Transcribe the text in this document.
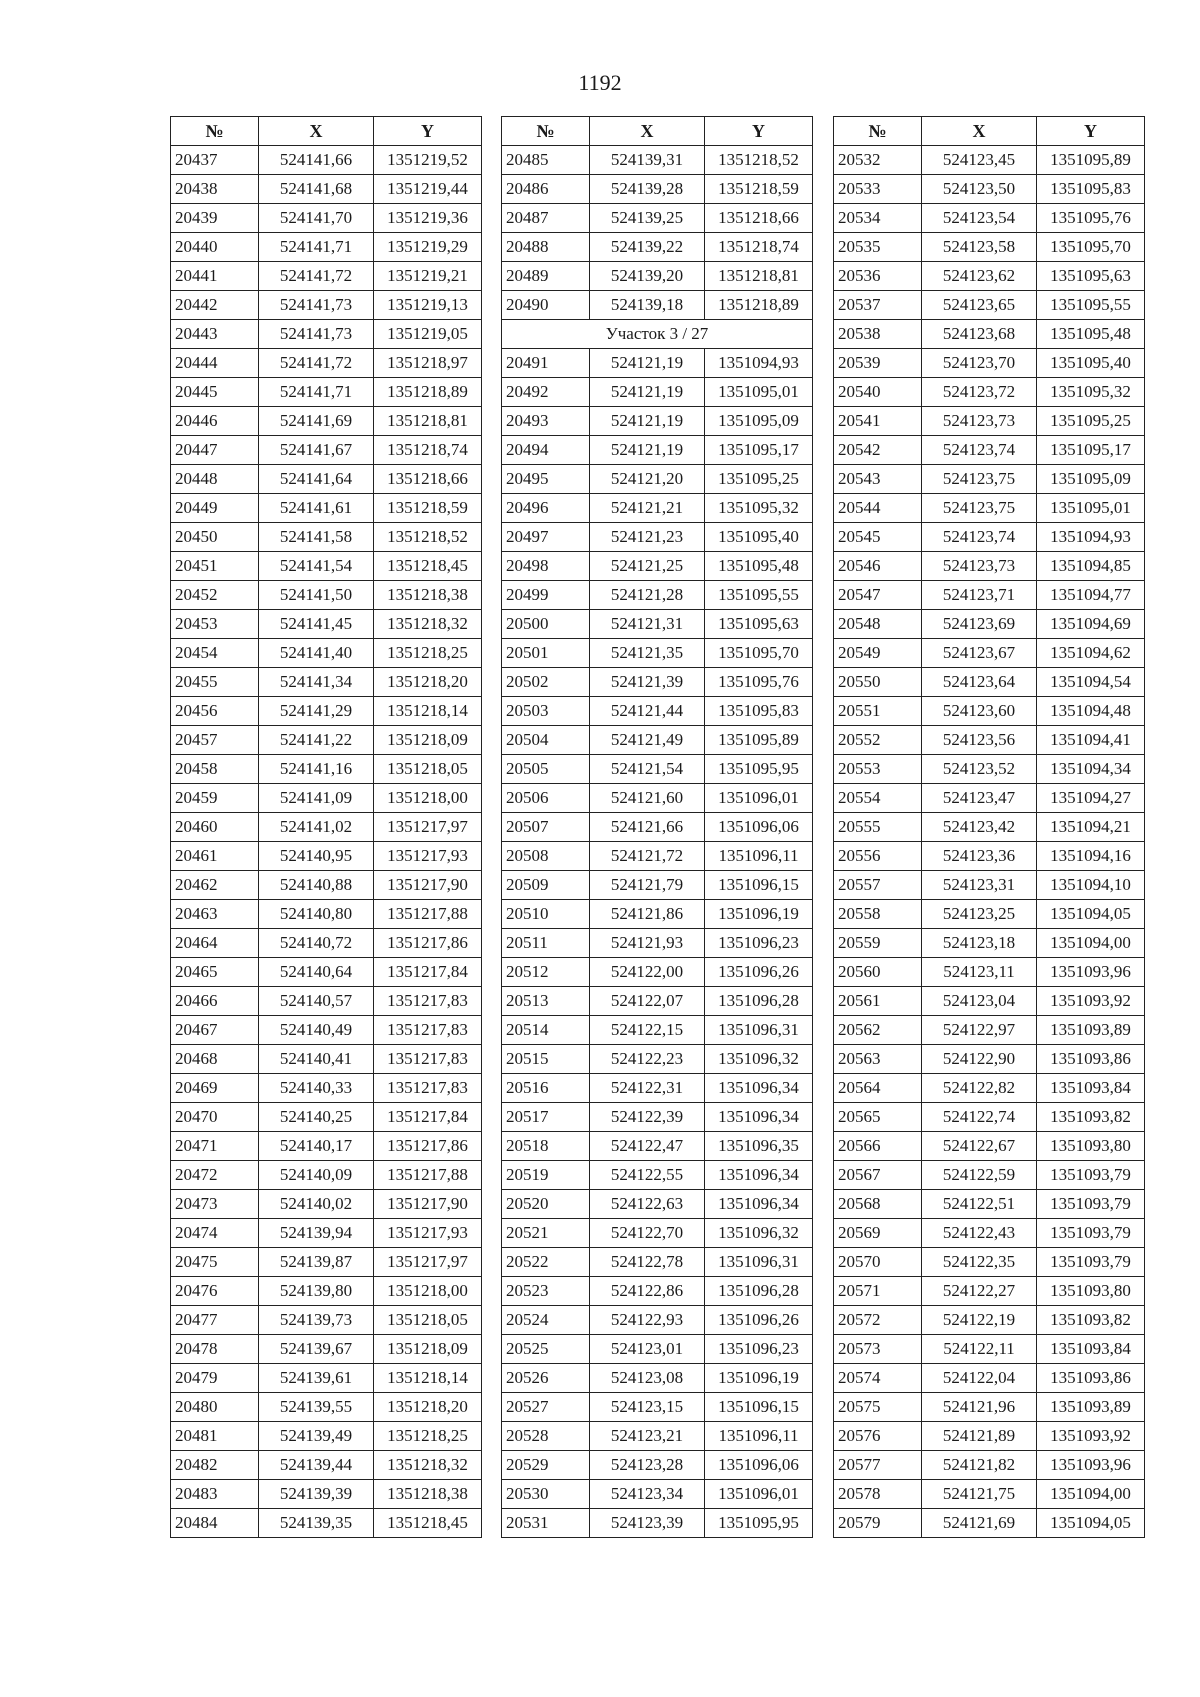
1192
№	X	Y
20437	524141,66	1351219,52
20438	524141,68	1351219,44
20439	524141,70	1351219,36
20440	524141,71	1351219,29
20441	524141,72	1351219,21
20442	524141,73	1351219,13
20443	524141,73	1351219,05
20444	524141,72	1351218,97
20445	524141,71	1351218,89
20446	524141,69	1351218,81
20447	524141,67	1351218,74
20448	524141,64	1351218,66
20449	524141,61	1351218,59
20450	524141,58	1351218,52
20451	524141,54	1351218,45
20452	524141,50	1351218,38
20453	524141,45	1351218,32
20454	524141,40	1351218,25
20455	524141,34	1351218,20
20456	524141,29	1351218,14
20457	524141,22	1351218,09
20458	524141,16	1351218,05
20459	524141,09	1351218,00
20460	524141,02	1351217,97
20461	524140,95	1351217,93
20462	524140,88	1351217,90
20463	524140,80	1351217,88
20464	524140,72	1351217,86
20465	524140,64	1351217,84
20466	524140,57	1351217,83
20467	524140,49	1351217,83
20468	524140,41	1351217,83
20469	524140,33	1351217,83
20470	524140,25	1351217,84
20471	524140,17	1351217,86
20472	524140,09	1351217,88
20473	524140,02	1351217,90
20474	524139,94	1351217,93
20475	524139,87	1351217,97
20476	524139,80	1351218,00
20477	524139,73	1351218,05
20478	524139,67	1351218,09
20479	524139,61	1351218,14
20480	524139,55	1351218,20
20481	524139,49	1351218,25
20482	524139,44	1351218,32
20483	524139,39	1351218,38
20484	524139,35	1351218,45
№	X	Y
20485	524139,31	1351218,52
20486	524139,28	1351218,59
20487	524139,25	1351218,66
20488	524139,22	1351218,74
20489	524139,20	1351218,81
20490	524139,18	1351218,89
Участок 3 / 27		
20491	524121,19	1351094,93
20492	524121,19	1351095,01
20493	524121,19	1351095,09
20494	524121,19	1351095,17
20495	524121,20	1351095,25
20496	524121,21	1351095,32
20497	524121,23	1351095,40
20498	524121,25	1351095,48
20499	524121,28	1351095,55
20500	524121,31	1351095,63
20501	524121,35	1351095,70
20502	524121,39	1351095,76
20503	524121,44	1351095,83
20504	524121,49	1351095,89
20505	524121,54	1351095,95
20506	524121,60	1351096,01
20507	524121,66	1351096,06
20508	524121,72	1351096,11
20509	524121,79	1351096,15
20510	524121,86	1351096,19
20511	524121,93	1351096,23
20512	524122,00	1351096,26
20513	524122,07	1351096,28
20514	524122,15	1351096,31
20515	524122,23	1351096,32
20516	524122,31	1351096,34
20517	524122,39	1351096,34
20518	524122,47	1351096,35
20519	524122,55	1351096,34
20520	524122,63	1351096,34
20521	524122,70	1351096,32
20522	524122,78	1351096,31
20523	524122,86	1351096,28
20524	524122,93	1351096,26
20525	524123,01	1351096,23
20526	524123,08	1351096,19
20527	524123,15	1351096,15
20528	524123,21	1351096,11
20529	524123,28	1351096,06
20530	524123,34	1351096,01
20531	524123,39	1351095,95
№	X	Y
20532	524123,45	1351095,89
20533	524123,50	1351095,83
20534	524123,54	1351095,76
20535	524123,58	1351095,70
20536	524123,62	1351095,63
20537	524123,65	1351095,55
20538	524123,68	1351095,48
20539	524123,70	1351095,40
20540	524123,72	1351095,32
20541	524123,73	1351095,25
20542	524123,74	1351095,17
20543	524123,75	1351095,09
20544	524123,75	1351095,01
20545	524123,74	1351094,93
20546	524123,73	1351094,85
20547	524123,71	1351094,77
20548	524123,69	1351094,69
20549	524123,67	1351094,62
20550	524123,64	1351094,54
20551	524123,60	1351094,48
20552	524123,56	1351094,41
20553	524123,52	1351094,34
20554	524123,47	1351094,27
20555	524123,42	1351094,21
20556	524123,36	1351094,16
20557	524123,31	1351094,10
20558	524123,25	1351094,05
20559	524123,18	1351094,00
20560	524123,11	1351093,96
20561	524123,04	1351093,92
20562	524122,97	1351093,89
20563	524122,90	1351093,86
20564	524122,82	1351093,84
20565	524122,74	1351093,82
20566	524122,67	1351093,80
20567	524122,59	1351093,79
20568	524122,51	1351093,79
20569	524122,43	1351093,79
20570	524122,35	1351093,79
20571	524122,27	1351093,80
20572	524122,19	1351093,82
20573	524122,11	1351093,84
20574	524122,04	1351093,86
20575	524121,96	1351093,89
20576	524121,89	1351093,92
20577	524121,82	1351093,96
20578	524121,75	1351094,00
20579	524121,69	1351094,05
